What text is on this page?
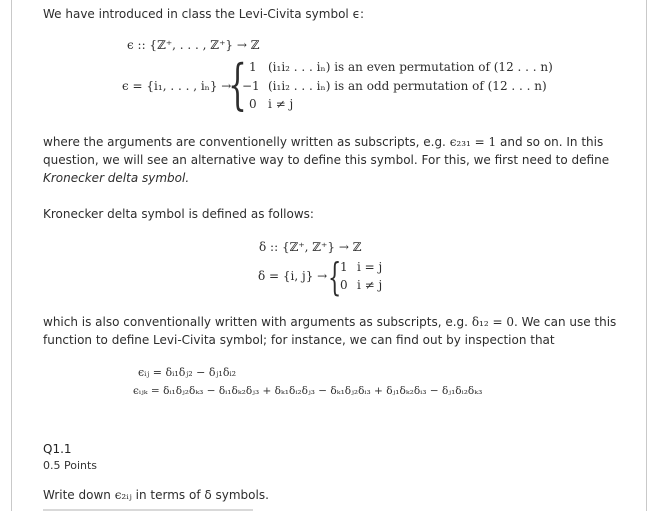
We have introduced in class the Levi-Civita symbol ϵ:
ϵ :: {ℤ⁺, . . . , ℤ⁺} → ℤ
ϵ = {i₁, . . . , iₙ} →
{ 1 (i₁i₂ . . . iₙ) is an even permutation of (12 . . . n)
−1 (i₁i₂ . . . iₙ) is an odd permutation of (12 . . . n)
0 i ≠ j
where the arguments are conventionelly written as subscripts, e.g. ϵ₂₃₁ = 1 and so on. In this
question, we will see an alternative way to define this symbol. For this, we first need to define
Kronecker delta symbol.
Kronecker delta symbol is defined as follows:
δ :: {ℤ⁺, ℤ⁺} → ℤ
δ = {i, j} → {
1 i = j
0 i ≠ j
which is also conventionally written with arguments as subscripts, e.g. δ₁₂ = 0. We can use this
function to define Levi-Civita symbol; for instance, we can find out by inspection that
ϵᵢⱼ = δᵢ₁δⱼ₂ − δⱼ₁δᵢ₂
ϵᵢⱼₖ = δᵢ₁δⱼ₂δₖ₃ − δᵢ₁δₖ₂δⱼ₃ + δₖ₁δᵢ₂δⱼ₃ − δₖ₁δⱼ₂δᵢ₃ + δⱼ₁δₖ₂δᵢ₃ − δⱼ₁δᵢ₂δₖ₃
Q1.1
0.5 Points
Write down ϵ₂ᵢⱼ in terms of δ symbols.
